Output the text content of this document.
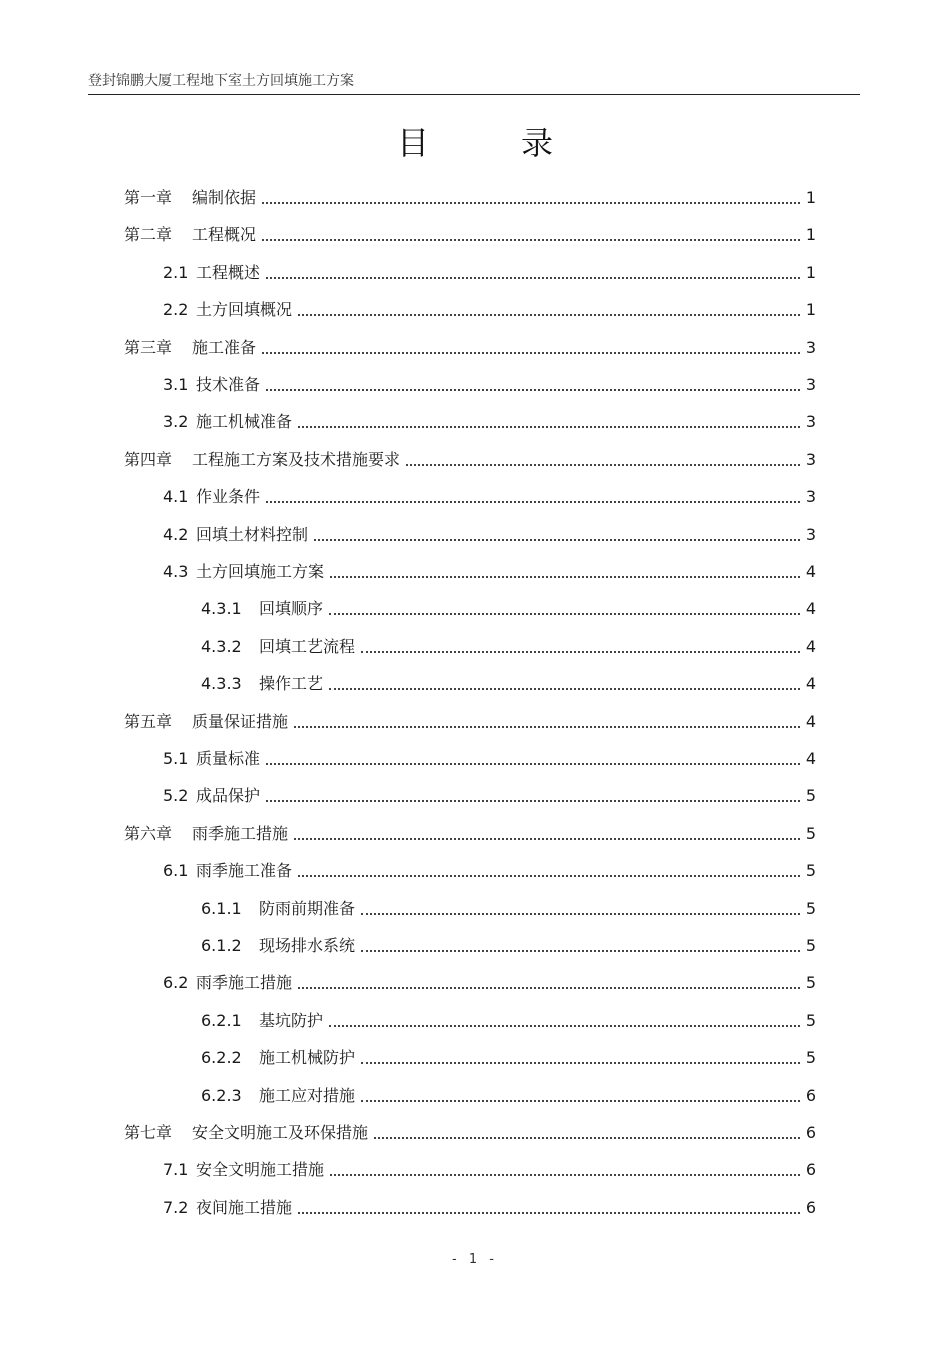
登封锦鹏大厦工程地下室土方回填施工方案
目　录
第一章	编制依据	1
第二章	工程概况	1
2.1 工程概述	1
2.2 土方回填概况	1
第三章	施工准备	3
3.1 技术准备	3
3.2 施工机械准备	3
第四章	工程施工方案及技术措施要求	3
4.1 作业条件	3
4.2 回填土材料控制	3
4.3 土方回填施工方案	4
4.3.1	回填顺序	4
4.3.2	回填工艺流程	4
4.3.3	操作工艺	4
第五章	质量保证措施	4
5.1 质量标准	4
5.2 成品保护	5
第六章	雨季施工措施	5
6.1 雨季施工准备	5
6.1.1	防雨前期准备	5
6.1.2	现场排水系统	5
6.2 雨季施工措施	5
6.2.1	基坑防护	5
6.2.2	施工机械防护	5
6.2.3	施工应对措施	6
第七章	安全文明施工及环保措施	6
7.1 安全文明施工措施	6
7.2 夜间施工措施	6
- 1 -
